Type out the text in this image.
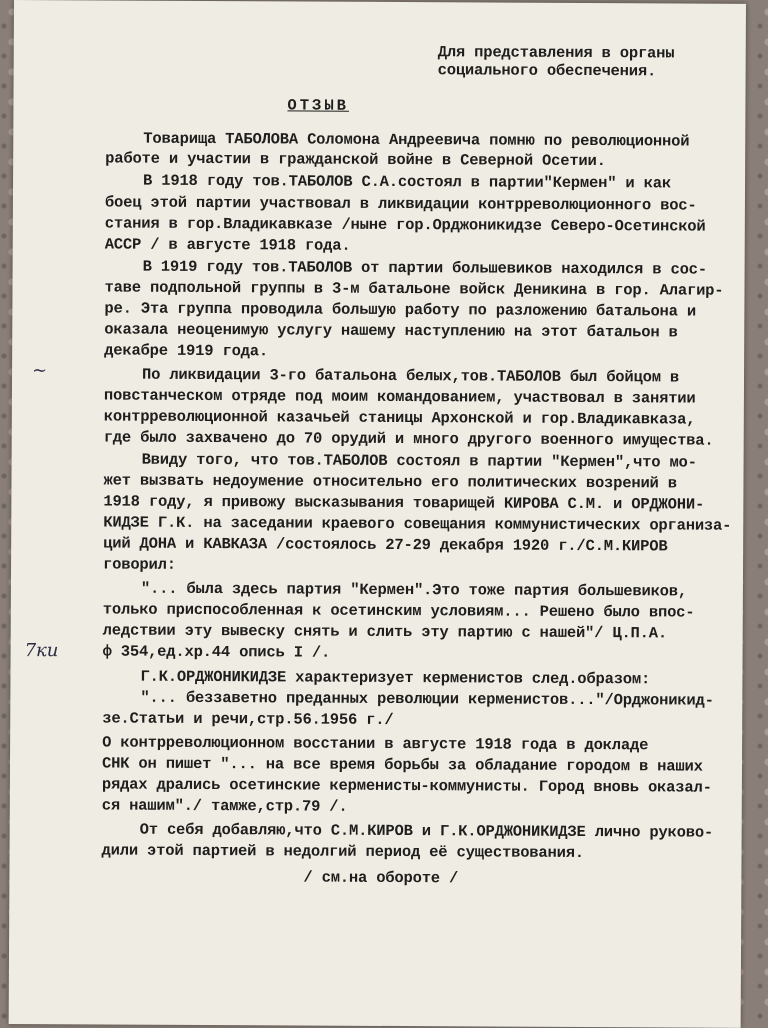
Для представления в органы
социального обеспечения.
ОТЗЫВ
Товарища ТАБОЛОВА Соломона Андреевича помню по революционной
работе и участии в гражданской войне в Северной Осетии.
В 1918 году тов.ТАБОЛОВ С.А.состоял в партии"Кермен" и как
боец этой партии участвовал в ликвидации контрреволюционного вос-
стания в гор.Владикавказе /ныне гор.Орджоникидзе Северо-Осетинской
АССР / в августе 1918 года.
В 1919 году тов.ТАБОЛОВ от партии большевиков находился в сос-
таве подпольной группы в 3-м батальоне войск Деникина в гор. Алагир-
ре. Эта группа проводила большую работу по разложению батальона и
оказала неоценимую услугу нашему наступлению на этот батальон в
декабре 1919 года.
По ликвидации 3-го батальона белых,тов.ТАБОЛОВ был бойцом в
повстанческом отряде под моим командованием, участвовал в занятии
контрреволюционной казачьей станицы Архонской и гор.Владикавказа,
где было захвачено до 70 орудий и много другого военного имущества.
Ввиду того, что тов.ТАБОЛОВ состоял в партии "Кермен",что мо-
жет вызвать недоумение относительно его политических возрений в
1918 году, я привожу высказывания товарищей КИРОВА С.М. и ОРДЖОНИ-
КИДЗЕ Г.К. на заседании краевого совещания коммунистических организа-
ций ДОНА и КАВКАЗА /состоялось 27-29 декабря 1920 г./С.М.КИРОВ
говорил:
"... была здесь партия "Кермен".Это тоже партия большевиков,
только приспособленная к осетинским условиям... Решено было впос-
ледствии эту вывеску снять и слить эту партию с нашей"/ Ц.П.А.
ф 354,ед.хр.44 опись I /.
Г.К.ОРДЖОНИКИДЗЕ характеризует керменистов след.образом:
"... беззаветно преданных революции керменистов..."/Орджоникид-
зе.Статьи и речи,стр.56.1956 г./
О контрреволюционном восстании в августе 1918 года в докладе
СНК он пишет "... на все время борьбы за обладание городом в наших
рядах дрались осетинские керменисты-коммунисты. Город вновь оказал-
ся нашим"./ тамже,стр.79 /.
От себя добавляю,что С.М.КИРОВ и Г.К.ОРДЖОНИКИДЗЕ лично руково-
дили этой партией в недолгий период её существования.
/ см.на обороте /
~
7ки
